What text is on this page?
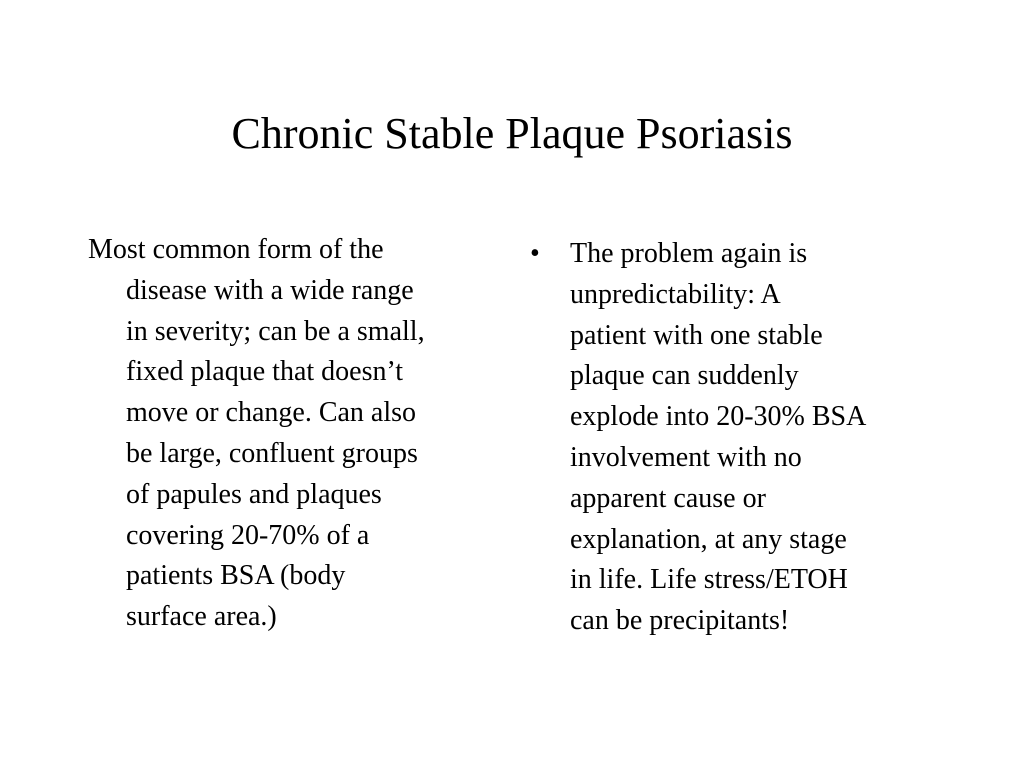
Chronic Stable Plaque Psoriasis
Most common form of the
disease with a wide range
in severity; can be a small,
fixed plaque that doesn’t
move or change. Can also
be large, confluent groups
of papules and plaques
covering 20-70% of a
patients BSA (body
surface area.)
•	The problem again is
unpredictability: A
patient with one stable
plaque can suddenly
explode into 20-30% BSA
involvement with no
apparent cause or
explanation, at any stage
in life. Life stress/ETOH
can be precipitants!
